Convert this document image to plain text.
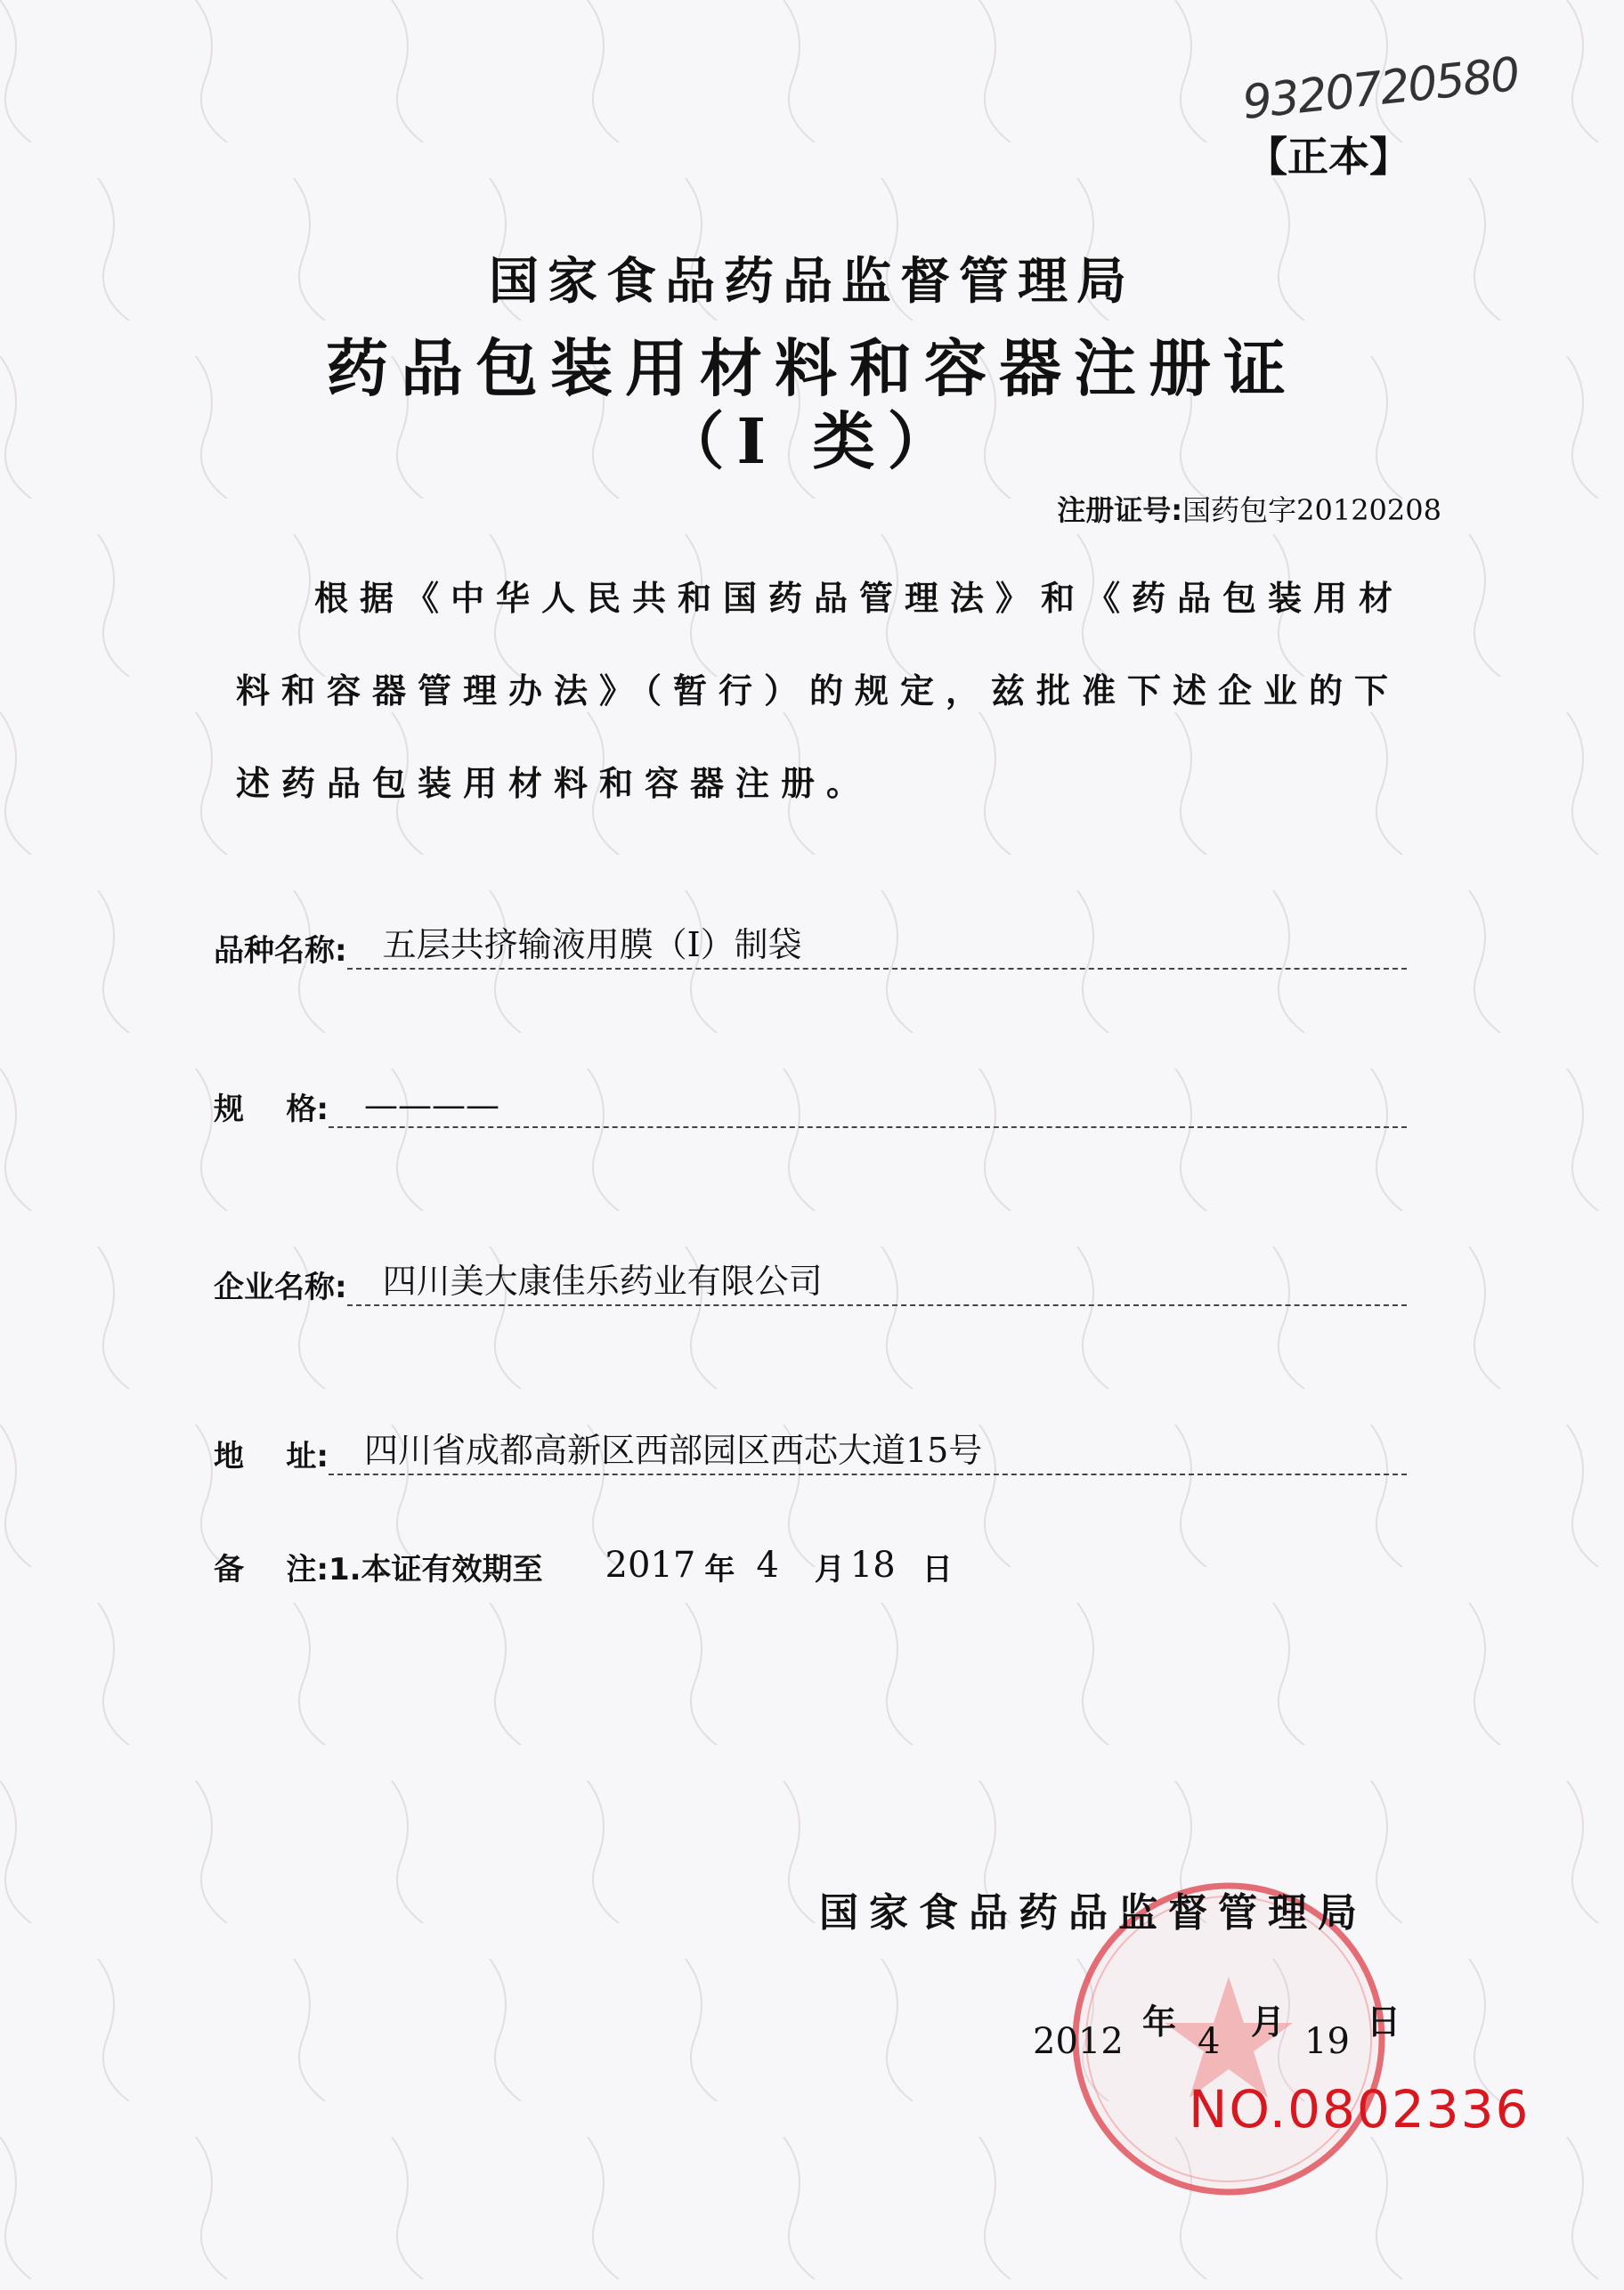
9320720580
【正本】
国家食品药品监督管理局
药品包装用材料和容器注册证
（I 类）
注册证号:国药包字20120208
根据《中华人民共和国药品管理法》和《药品包装用材料和容器管理办法》（暂行）的规定，兹批准下述企业的下述药品包装用材料和容器注册。
品种名称:	五层共挤输液用膜（I）制袋
规    格:	————
企业名称:	四川美大康佳乐药业有限公司
地    址:	四川省成都高新区西部园区西芯大道15号
备    注: 1.本证有效期至 2017 年 4 月 18 日
国家食品药品监督管理局
年 月 日
2012 4 19
NO.0802336
